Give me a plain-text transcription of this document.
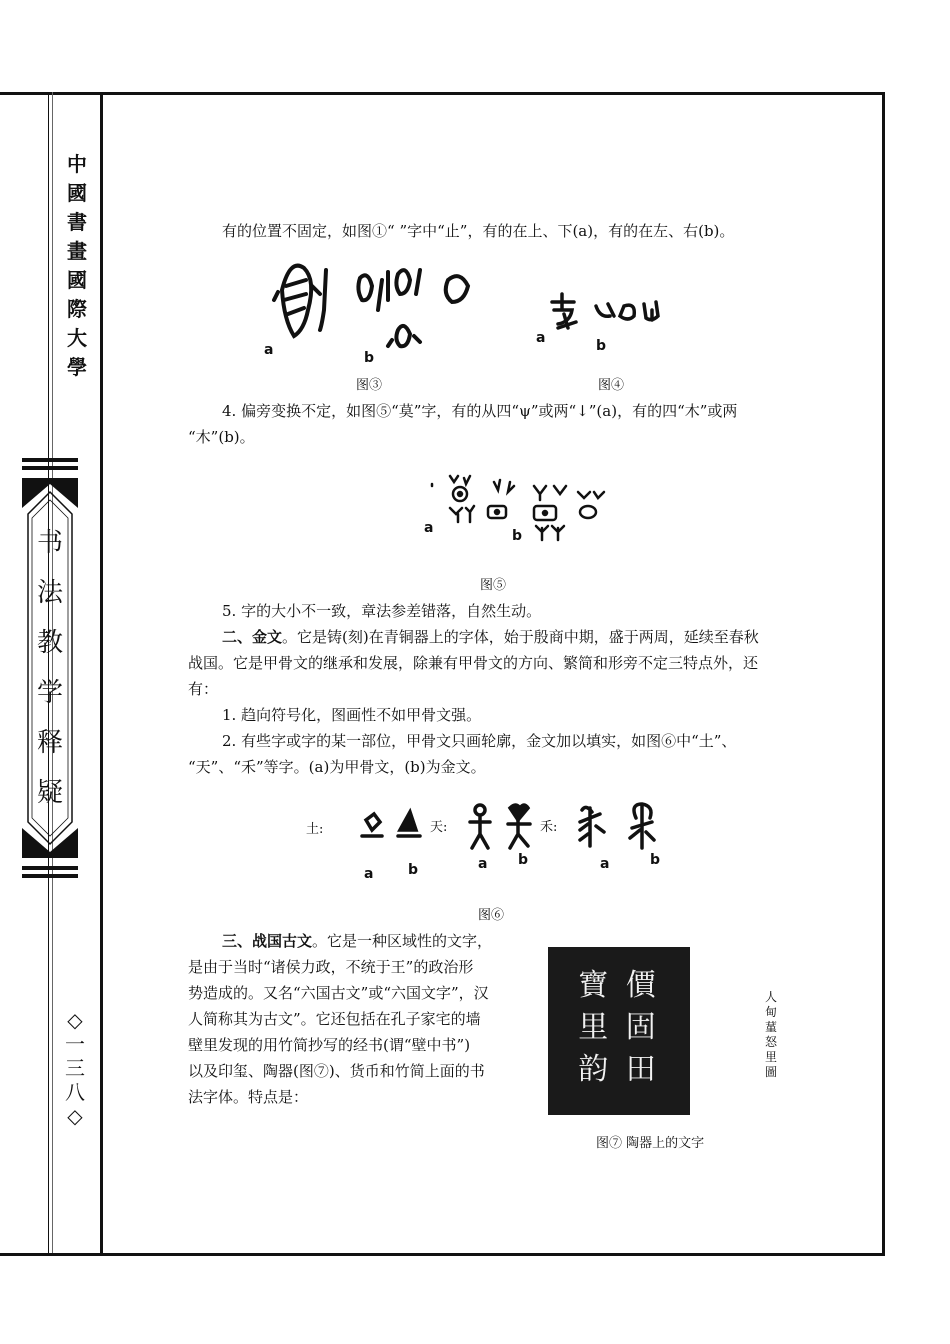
中
國
書
畫
國
際
大
學
书
法
教
学
释
疑
◇
一
三
八
◇

有的位置不固定，如图①“ ”字中“止”，有的在上、下(a)，有的在左、右(b)。

a	b
图③
a	b
图④

4. 偏旁变换不定，如图⑤“莫”字，有的从四“ψ”或两“↓”(a)，有的四“木”或两

“木”(b)。

a	b
图⑤

5. 字的大小不一致，章法参差错落，自然生动。

二、金文。它是铸(刻)在青铜器上的字体，始于殷商中期，盛于两周，延续至春秋

战国。它是甲骨文的继承和发展，除兼有甲骨文的方向、繁简和形旁不定三特点外，还

有：

1. 趋向符号化，图画性不如甲骨文强。

2. 有些字或字的某一部位，甲骨文只画轮廓，金文加以填实，如图⑥中“土”、

“天”、“禾”等字。(a)为甲骨文，(b)为金文。

土:	天:	禾:
a b	a b	a	b
图⑥

三、战国古文。它是一种区域性的文字，

是由于当时“诸侯力政，不统于王”的政治形

势造成的。又名“六国古文”或“六国文字”，汉

人简称其为古文”。它还包括在孔子家宅的墙

壁里发现的用竹简抄写的经书(谓“壁中书”)

以及印玺、陶器(图⑦)、货币和竹简上面的书

法字体。特点是：

寶 價 里 固 韵 田
人
甸
蓳
怒
里
圖
图⑦ 陶器上的文字
